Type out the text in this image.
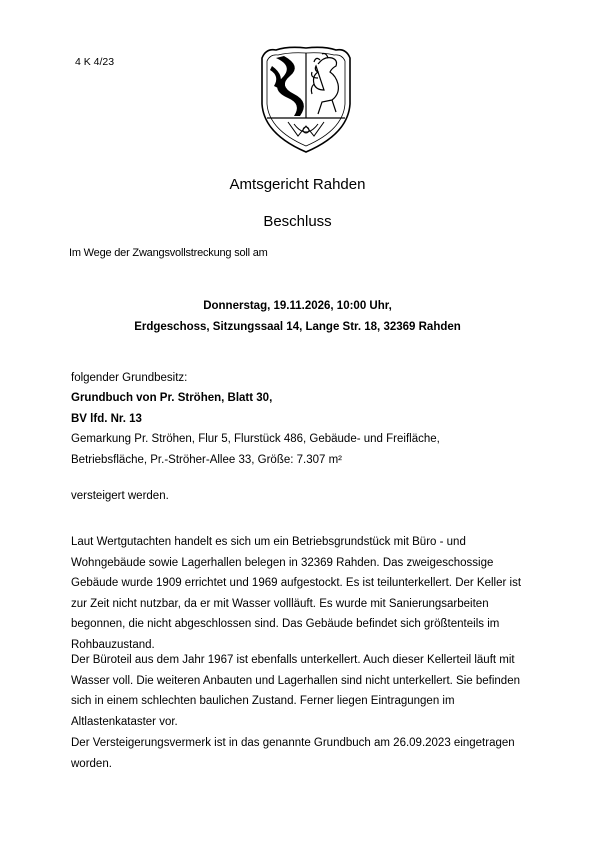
4 K 4/23
Amtsgericht Rahden
Beschluss
Im Wege der Zwangsvollstreckung soll am
Donnerstag, 19.11.2026, 10:00 Uhr,
Erdgeschoss, Sitzungssaal 14, Lange Str. 18, 32369 Rahden
folgender Grundbesitz:

Grundbuch von Pr. Ströhen, Blatt 30,

BV lfd. Nr. 13

Gemarkung Pr. Ströhen, Flur 5, Flurstück 486, Gebäude- und Freifläche,

Betriebsfläche, Pr.-Ströher-Allee 33, Größe: 7.307 m²

versteigert werden.
Laut Wertgutachten handelt es sich um ein Betriebsgrundstück mit Büro - und Wohngebäude sowie Lagerhallen belegen in 32369 Rahden. Das zweigeschossige Gebäude wurde 1909 errichtet und 1969 aufgestockt. Es ist teilunterkellert. Der Keller ist zur Zeit nicht nutzbar, da er mit Wasser vollläuft. Es wurde mit Sanierungsarbeiten begonnen, die nicht abgeschlossen sind. Das Gebäude befindet sich größtenteils im Rohbauzustand.
Der Büroteil aus dem Jahr 1967 ist ebenfalls unterkellert. Auch dieser Kellerteil läuft mit Wasser voll. Die weiteren Anbauten und Lagerhallen sind nicht unterkellert. Sie befinden sich in einem schlechten baulichen Zustand. Ferner liegen Eintragungen im Altlastenkataster vor.
Der Versteigerungsvermerk ist in das genannte Grundbuch am 26.09.2023 eingetragen worden.
